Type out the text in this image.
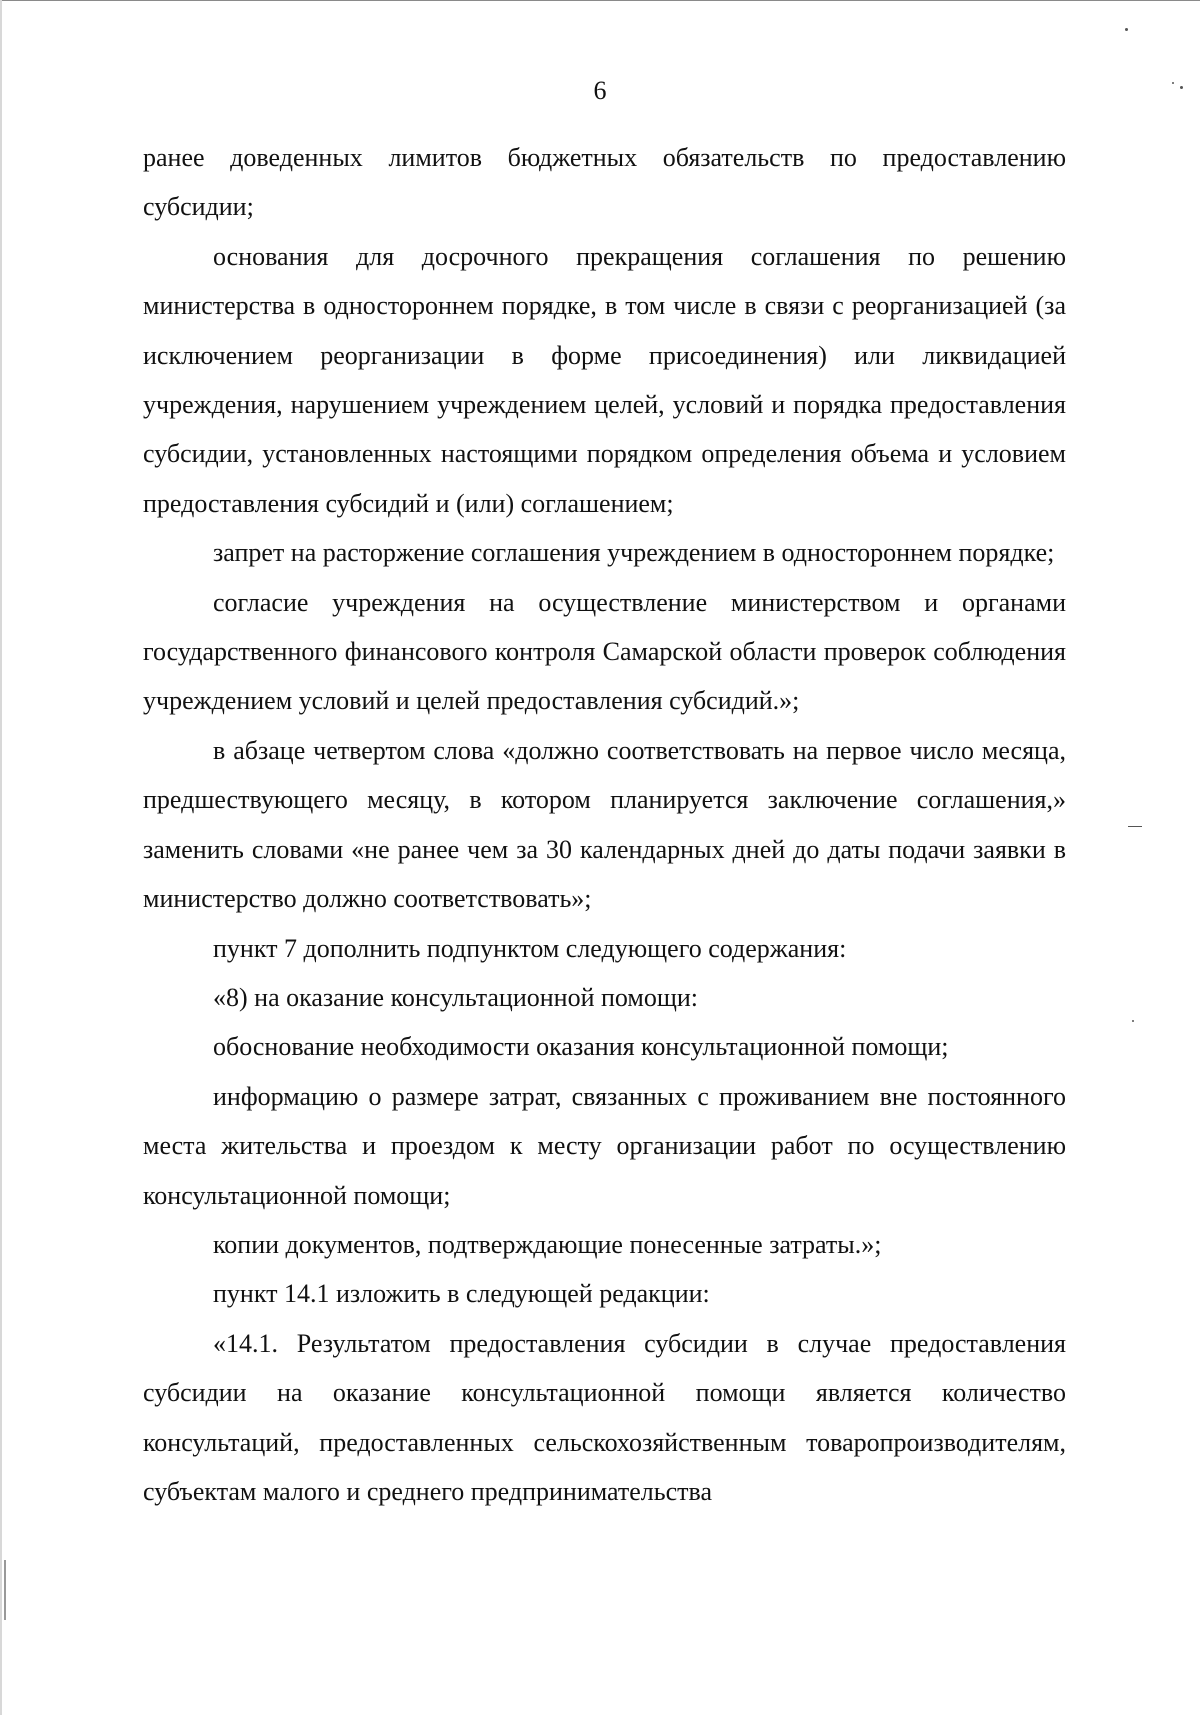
6

ранее доведенных лимитов бюджетных обязательств по предоставлению субсидии;

основания для досрочного прекращения соглашения по решению министерства в одностороннем порядке, в том числе в связи с реорганизацией (за исключением реорганизации в форме присоединения) или ликвидацией учреждения, нарушением учреждением целей, условий и порядка предоставления субсидии, установленных настоящими порядком определения объема и условием предоставления субсидий и (или) соглашением;

запрет на расторжение соглашения учреждением в одностороннем порядке;

согласие учреждения на осуществление министерством и органами государственного финансового контроля Самарской области проверок соблюдения учреждением условий и целей предоставления субсидий.»;

в абзаце четвертом слова «должно соответствовать на первое число месяца, предшествующего месяцу, в котором планируется заключение соглашения,» заменить словами «не ранее чем за 30 календарных дней до даты подачи заявки в министерство должно соответствовать»;

пункт 7 дополнить подпунктом следующего содержания:

«8) на оказание консультационной помощи:

обоснование необходимости оказания консультационной помощи;

информацию о размере затрат, связанных с проживанием вне постоянного места жительства и проездом к месту организации работ по осуществлению консультационной помощи;

копии документов, подтверждающие понесенные затраты.»;

пункт 14.1 изложить в следующей редакции:

«14.1. Результатом предоставления субсидии в случае предоставления субсидии на оказание консультационной помощи является количество консультаций, предоставленных сельскохозяйственным товаропроизводителям, субъектам малого и среднего предпринимательства
